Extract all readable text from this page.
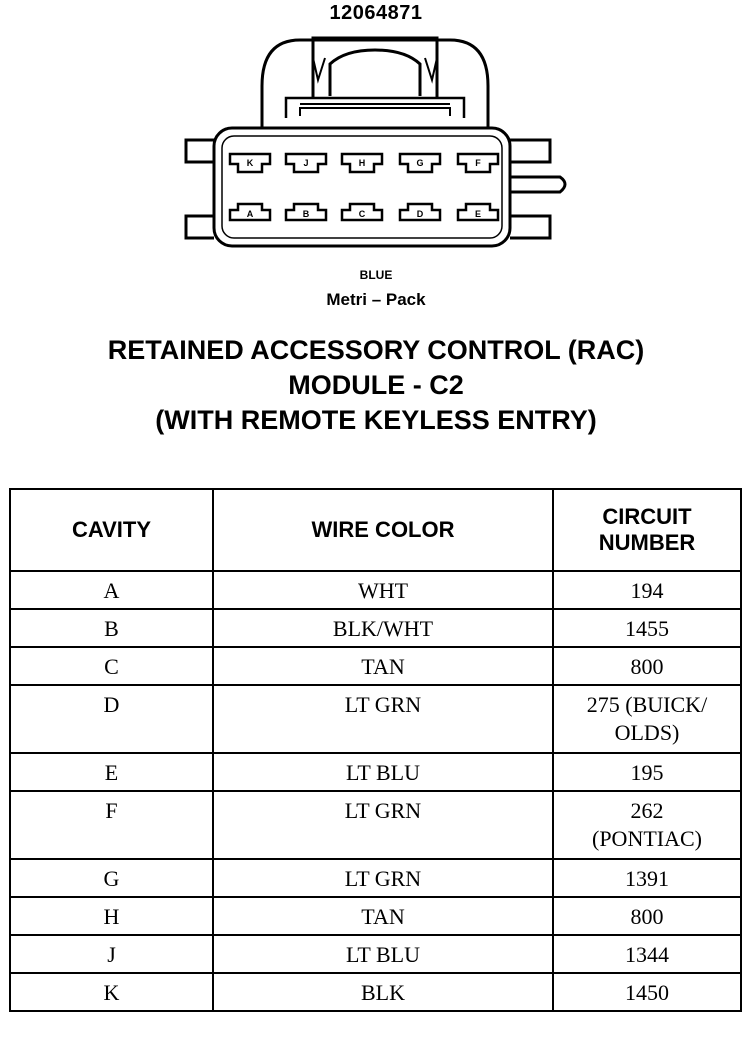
12064871
K	J	H	G	F
A	B	C	D	E
BLUE
Metri – Pack
RETAINED ACCESSORY CONTROL (RAC)
MODULE - C2
(WITH REMOTE KEYLESS ENTRY)
CAVITY	WIRE COLOR	CIRCUIT
NUMBER

A	WHT	194
B	BLK/WHT	1455
C	TAN	800
D	LT GRN	275 (BUICK/
OLDS)

E	LT BLU	195
F	LT GRN	262
(PONTIAC)

G	LT GRN	1391
H	TAN	800
J	LT BLU	1344
K	BLK	1450
